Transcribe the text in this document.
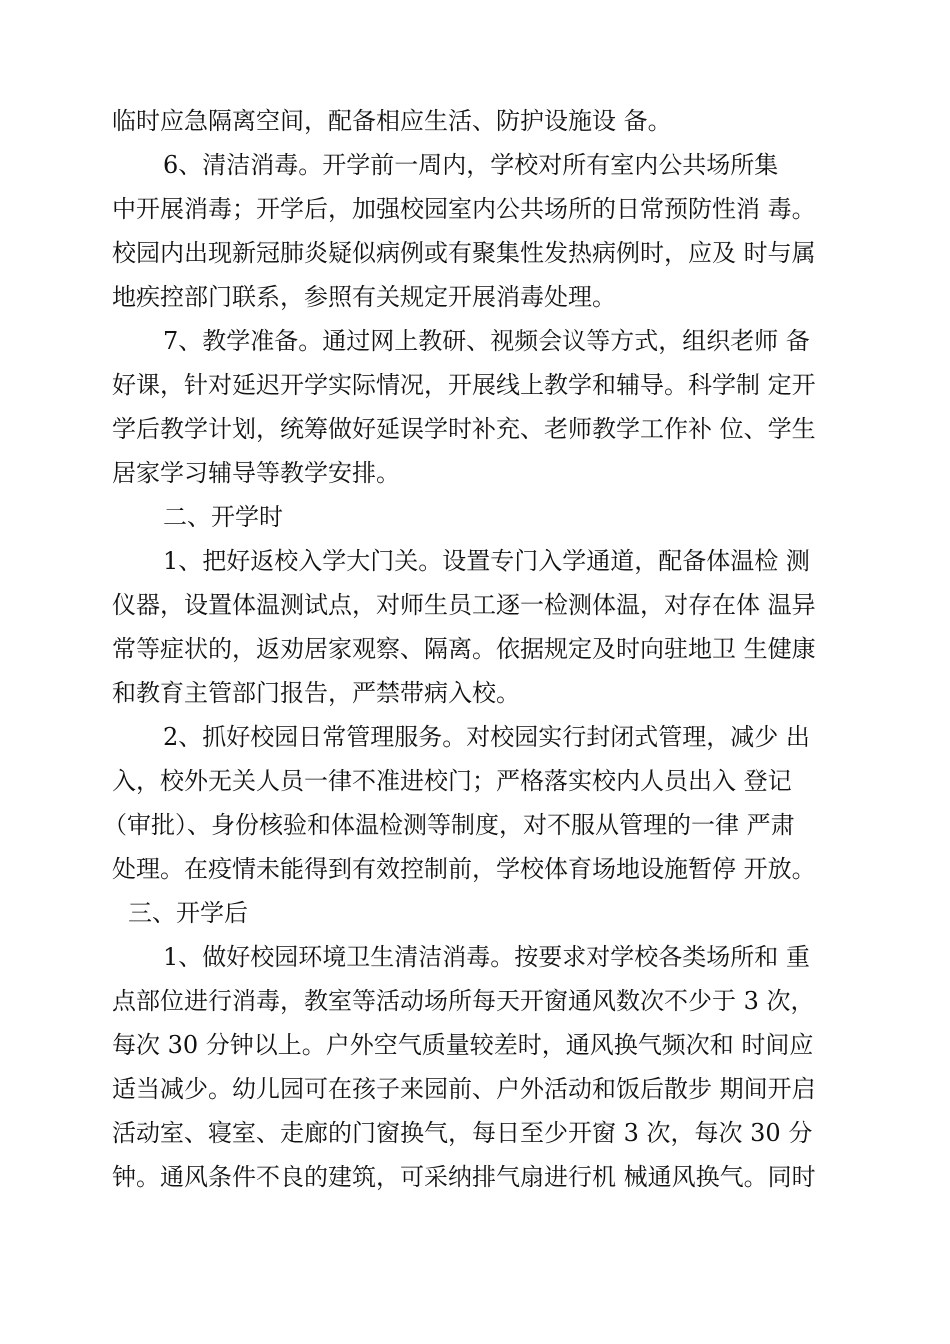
临时应急隔离空间，配备相应生活、防护设施设 备。
6、清洁消毒。开学前一周内，学校对所有室内公共场所集
中开展消毒；开学后，加强校园室内公共场所的日常预防性消 毒。
校园内出现新冠肺炎疑似病例或有聚集性发热病例时，应及 时与属
地疾控部门联系，参照有关规定开展消毒处理。
7、教学准备。通过网上教研、视频会议等方式，组织老师 备
好课，针对延迟开学实际情况，开展线上教学和辅导。科学制 定开
学后教学计划，统筹做好延误学时补充、老师教学工作补 位、学生
居家学习辅导等教学安排。
二、开学时
1、把好返校入学大门关。设置专门入学通道，配备体温检 测
仪器，设置体温测试点，对师生员工逐一检测体温，对存在体 温异
常等症状的，返劝居家观察、隔离。依据规定及时向驻地卫 生健康
和教育主管部门报告，严禁带病入校。
2、抓好校园日常管理服务。对校园实行封闭式管理，减少 出
入，校外无关人员一律不准进校门；严格落实校内人员出入 登记
（审批）、身份核验和体温检测等制度，对不服从管理的一律 严肃
处理。在疫情未能得到有效控制前，学校体育场地设施暂停 开放。
三、开学后
1、做好校园环境卫生清洁消毒。按要求对学校各类场所和 重
点部位进行消毒，教室等活动场所每天开窗通风数次不少于 3 次，
每次 30 分钟以上。户外空气质量较差时，通风换气频次和 时间应
适当减少。幼儿园可在孩子来园前、户外活动和饭后散步 期间开启
活动室、寝室、走廊的门窗换气，每日至少开窗 3 次，每次 30 分
钟。通风条件不良的建筑，可采纳排气扇进行机 械通风换气。同时
